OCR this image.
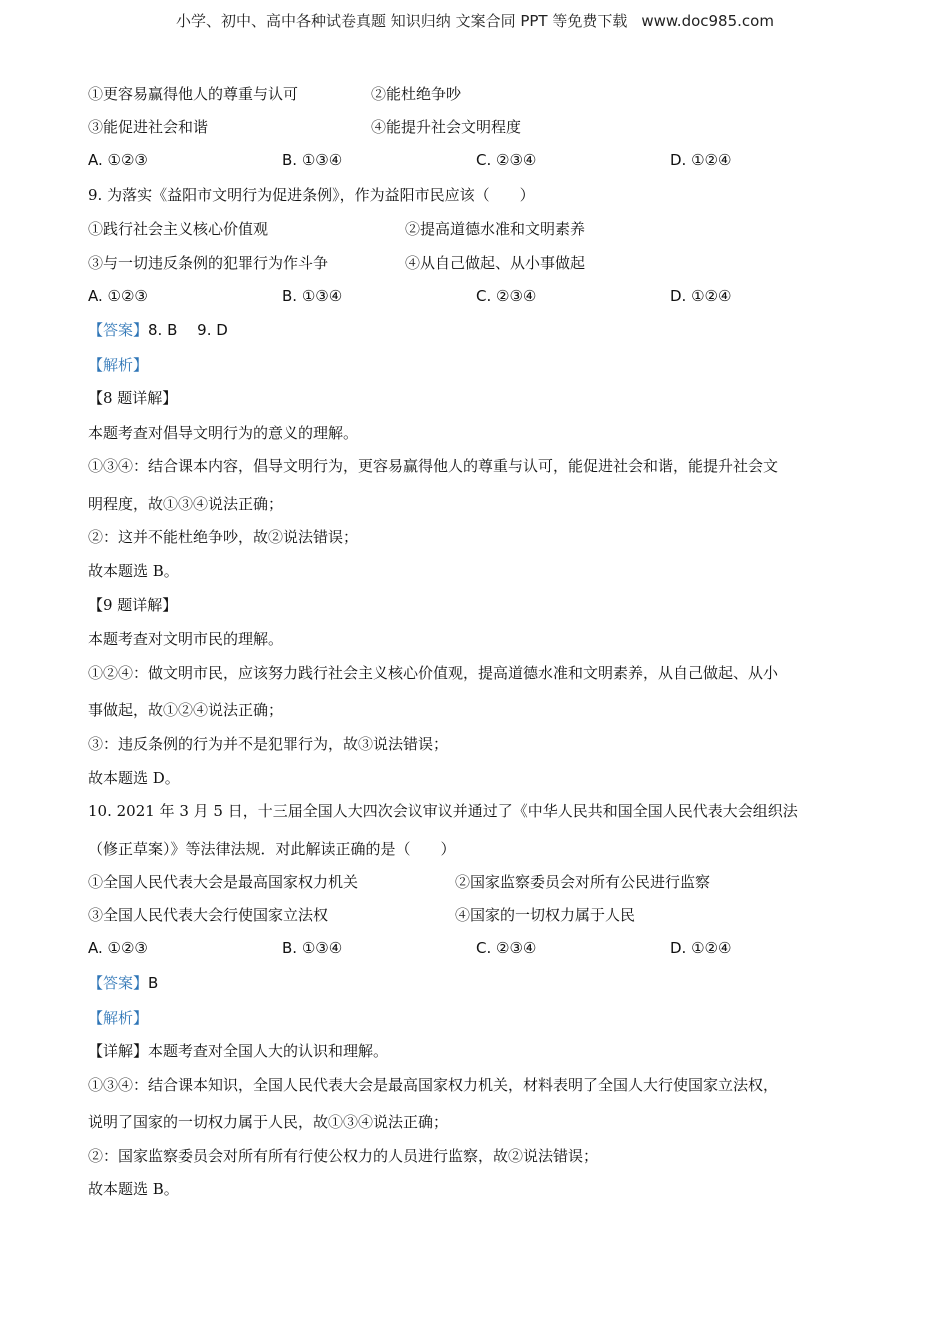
小学、初中、高中各种试卷真题 知识归纳 文案合同 PPT 等免费下载 www.doc985.com
①更容易赢得他人的尊重与认可	②能杜绝争吵
③能促进社会和谐	④能提升社会文明程度
A. ①②③	B. ①③④	C. ②③④	D. ①②④
9. 为落实《益阳市文明行为促进条例》，作为益阳市民应该（　　）
①践行社会主义核心价值观	②提高道德水准和文明素养
③与一切违反条例的犯罪行为作斗争	④从自己做起、从小事做起
A. ①②③	B. ①③④	C. ②③④	D. ①②④
【答案】8. B　 9. D
【解析】
【8 题详解】
本题考查对倡导文明行为的意义的理解。
①③④：结合课本内容，倡导文明行为，更容易赢得他人的尊重与认可，能促进社会和谐，能提升社会文
明程度，故①③④说法正确；
②：这并不能杜绝争吵，故②说法错误；
故本题选 B。
【9 题详解】
本题考查对文明市民的理解。
①②④：做文明市民，应该努力践行社会主义核心价值观，提高道德水准和文明素养，从自己做起、从小
事做起，故①②④说法正确；
③：违反条例的行为并不是犯罪行为，故③说法错误；
故本题选 D。
10. 2021 年 3 月 5 日，十三届全国人大四次会议审议并通过了《中华人民共和国全国人民代表大会组织法
（修正草案）》等法律法规．对此解读正确的是（　　）
①全国人民代表大会是最高国家权力机关	②国家监察委员会对所有公民进行监察
③全国人民代表大会行使国家立法权	④国家的一切权力属于人民
A. ①②③	B. ①③④	C. ②③④	D. ①②④
【答案】B
【解析】
【详解】本题考查对全国人大的认识和理解。
①③④：结合课本知识，全国人民代表大会是最高国家权力机关，材料表明了全国人大行使国家立法权，
说明了国家的一切权力属于人民，故①③④说法正确；
②：国家监察委员会对所有所有行使公权力的人员进行监察，故②说法错误；
故本题选 B。
